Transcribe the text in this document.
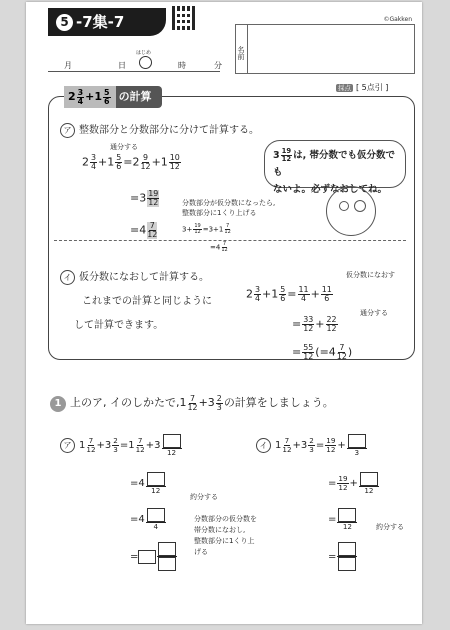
5 -7集-7	©Gakken
名前
月	日
はじめ
時	分
採点 [ 5点引 ]
$2 \frac{3}{4} +1 \frac{5}{6}$ の計算
ア 整数部分と分数部分に分けて計算する。
通分する
$2 \frac{3}{4} +1 \frac{5}{6} =2 \frac{9}{12} +1 \frac{10}{12}$
$=3 \frac{19}{12}$	分数部分が仮分数になったら,
整数部分に1くり上げる
$=4 \frac{7}{12}$	$3+ \frac{19}{12} =3+1 \frac{7}{12}$
$=4 \frac{7}{12}$
$3 \frac{19}{12}$ は, 帯分数でも仮分数でも
ないよ。必ずなおしてね。
イ 仮分数になおして計算する。
これまでの計算と同じように
して計算できます。
仮分数になおす
$2 \frac{3}{4} +1 \frac{5}{6} = \frac{11}{4} + \frac{11}{6}$
通分する
= $\frac{33}{12} + \frac{22}{12}$
= $\frac{55}{12} (=4 \frac{7}{12}$ )
1 上のア, イのしかたで$,1 \frac{7}{12} +3 \frac{2}{3}$ の計算をしましょう。
ア $1 \frac{7}{12} +3 \frac{2}{3} =1 \frac{7}{12} +3$
12
=4
12
約分する
=4
4
分数部分の仮分数を
帯分数になおし,
整数部分に1くり上
げる
=
イ $1 \frac{7}{12} +3 \frac{2}{3} = \frac{19}{12}$ +
3
= $\frac{19}{12}$ +
12
=
12	約分する
=
